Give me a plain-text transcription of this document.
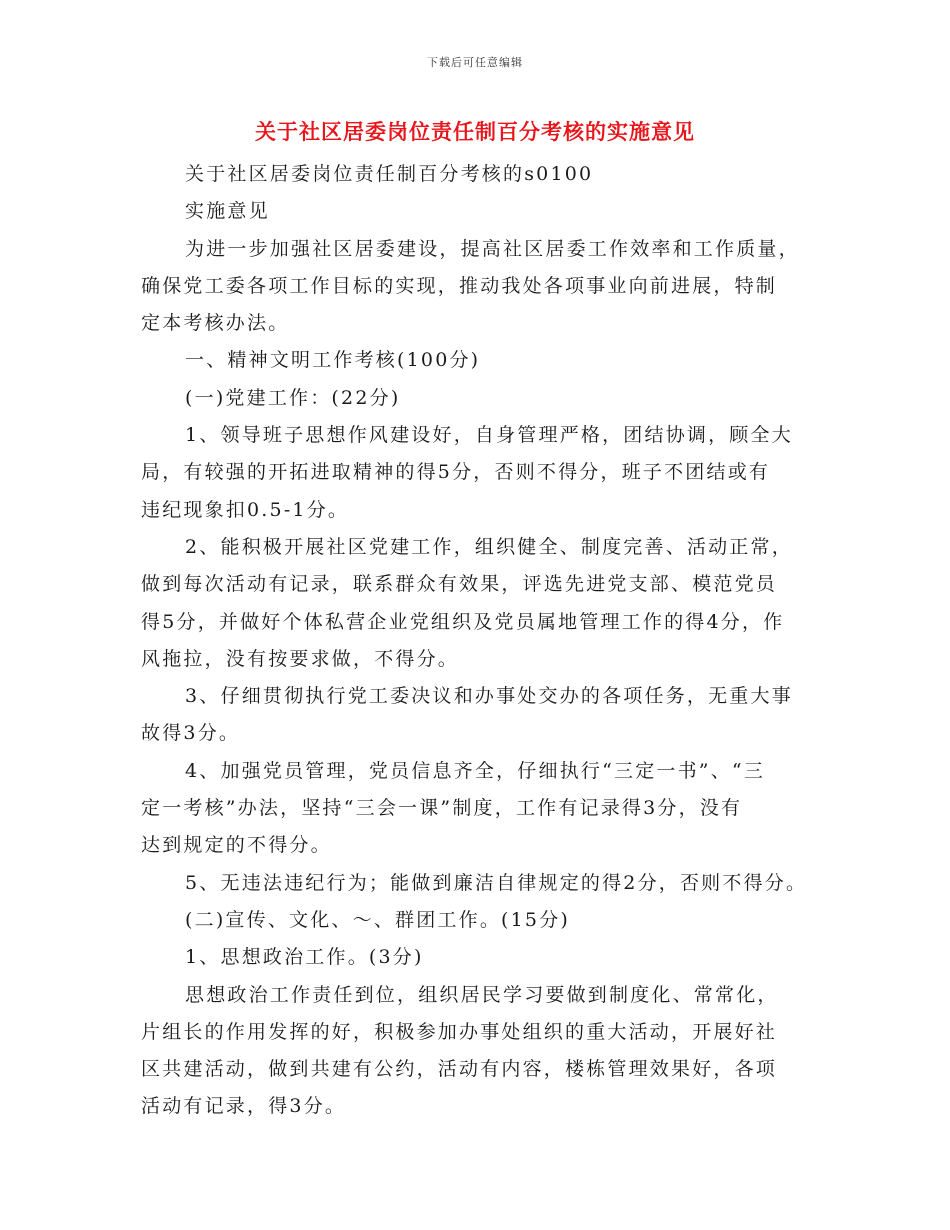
下载后可任意编辑
关于社区居委岗位责任制百分考核的实施意见
关于社区居委岗位责任制百分考核的s0100
实施意见
为进一步加强社区居委建设，提高社区居委工作效率和工作质量，
确保党工委各项工作目标的实现，推动我处各项事业向前进展，特制
定本考核办法。
一、精神文明工作考核(100分)
(一)党建工作：(22分)
1、领导班子思想作风建设好，自身管理严格，团结协调，顾全大
局，有较强的开拓进取精神的得5分，否则不得分，班子不团结或有
违纪现象扣0.5-1分。
2、能积极开展社区党建工作，组织健全、制度完善、活动正常，
做到每次活动有记录，联系群众有效果，评选先进党支部、模范党员
得5分，并做好个体私营企业党组织及党员属地管理工作的得4分，作
风拖拉，没有按要求做，不得分。
3、仔细贯彻执行党工委决议和办事处交办的各项任务，无重大事
故得3分。
4、加强党员管理，党员信息齐全，仔细执行“三定一书”、“三
定一考核”办法，坚持“三会一课”制度，工作有记录得3分，没有
达到规定的不得分。
5、无违法违纪行为；能做到廉洁自律规定的得2分，否则不得分。
(二)宣传、文化、～、群团工作。(15分)
1、思想政治工作。(3分)
思想政治工作责任到位，组织居民学习要做到制度化、常常化，
片组长的作用发挥的好，积极参加办事处组织的重大活动，开展好社
区共建活动，做到共建有公约，活动有内容，楼栋管理效果好，各项
活动有记录，得3分。
